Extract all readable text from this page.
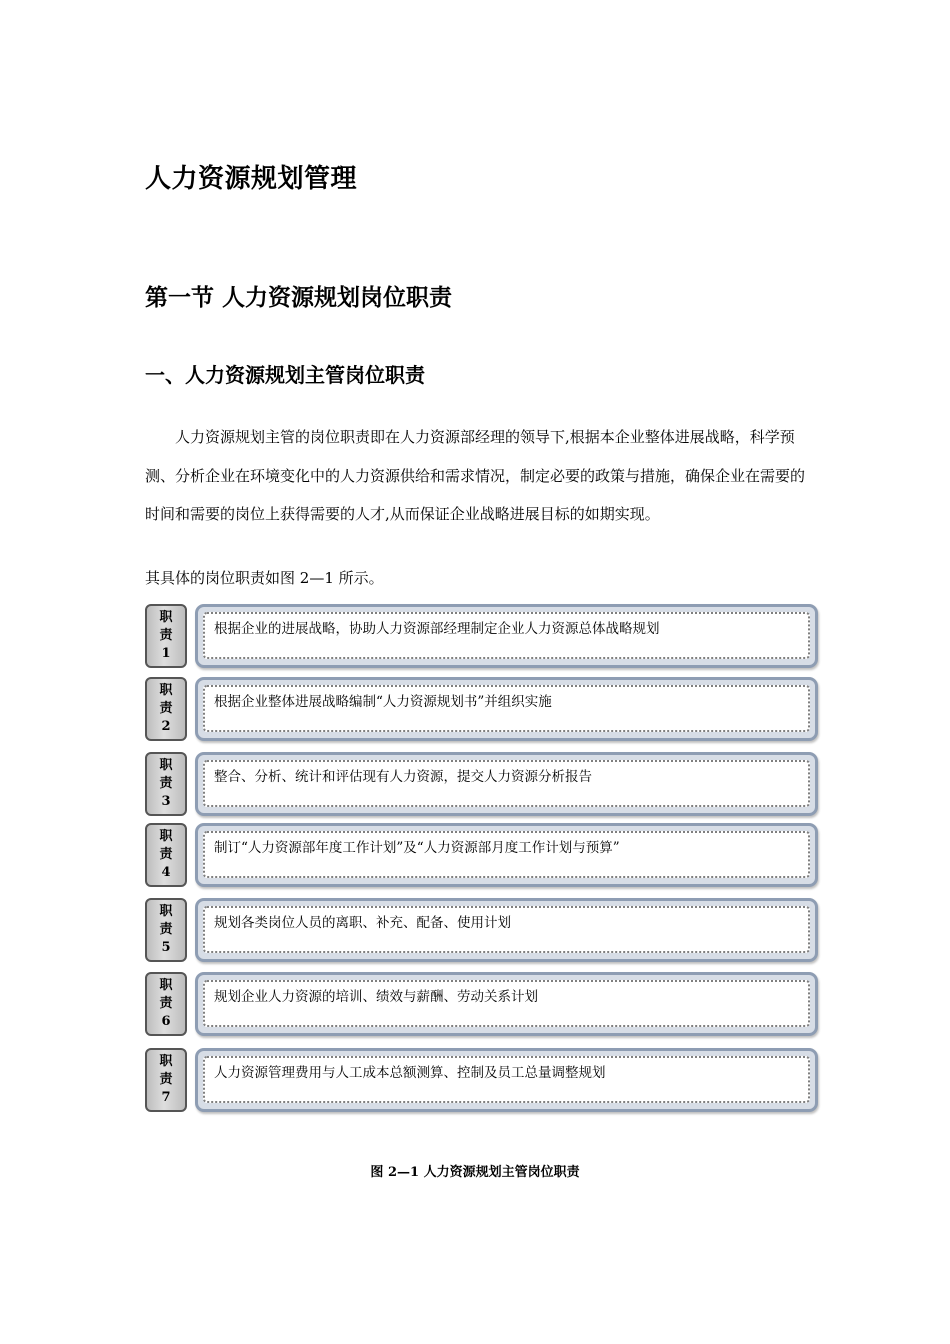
人力资源规划管理
第一节 人力资源规划岗位职责
一、人力资源规划主管岗位职责

人力资源规划主管的岗位职责即在人力资源部经理的领导下,根据本企业整体进展战略，科学预测、分析企业在环境变化中的人力资源供给和需求情况，制定必要的政策与措施，确保企业在需要的时间和需要的岗位上获得需要的人才,从而保证企业战略进展目标的如期实现。

其具体的岗位职责如图 2—1 所示。
职
责
1
根据企业的进展战略，协助人力资源部经理制定企业人力资源总体战略规划
职
责
2
根据企业整体进展战略编制“人力资源规划书”并组织实施
职
责
3
整合、分析、统计和评估现有人力资源，提交人力资源分析报告
职
责
4
制订“人力资源部年度工作计划”及“人力资源部月度工作计划与预算”
职
责
5
规划各类岗位人员的离职、补充、配备、使用计划
职
责
6
规划企业人力资源的培训、绩效与薪酬、劳动关系计划
职
责
7
人力资源管理费用与人工成本总额测算、控制及员工总量调整规划
图 2—1 人力资源规划主管岗位职责
